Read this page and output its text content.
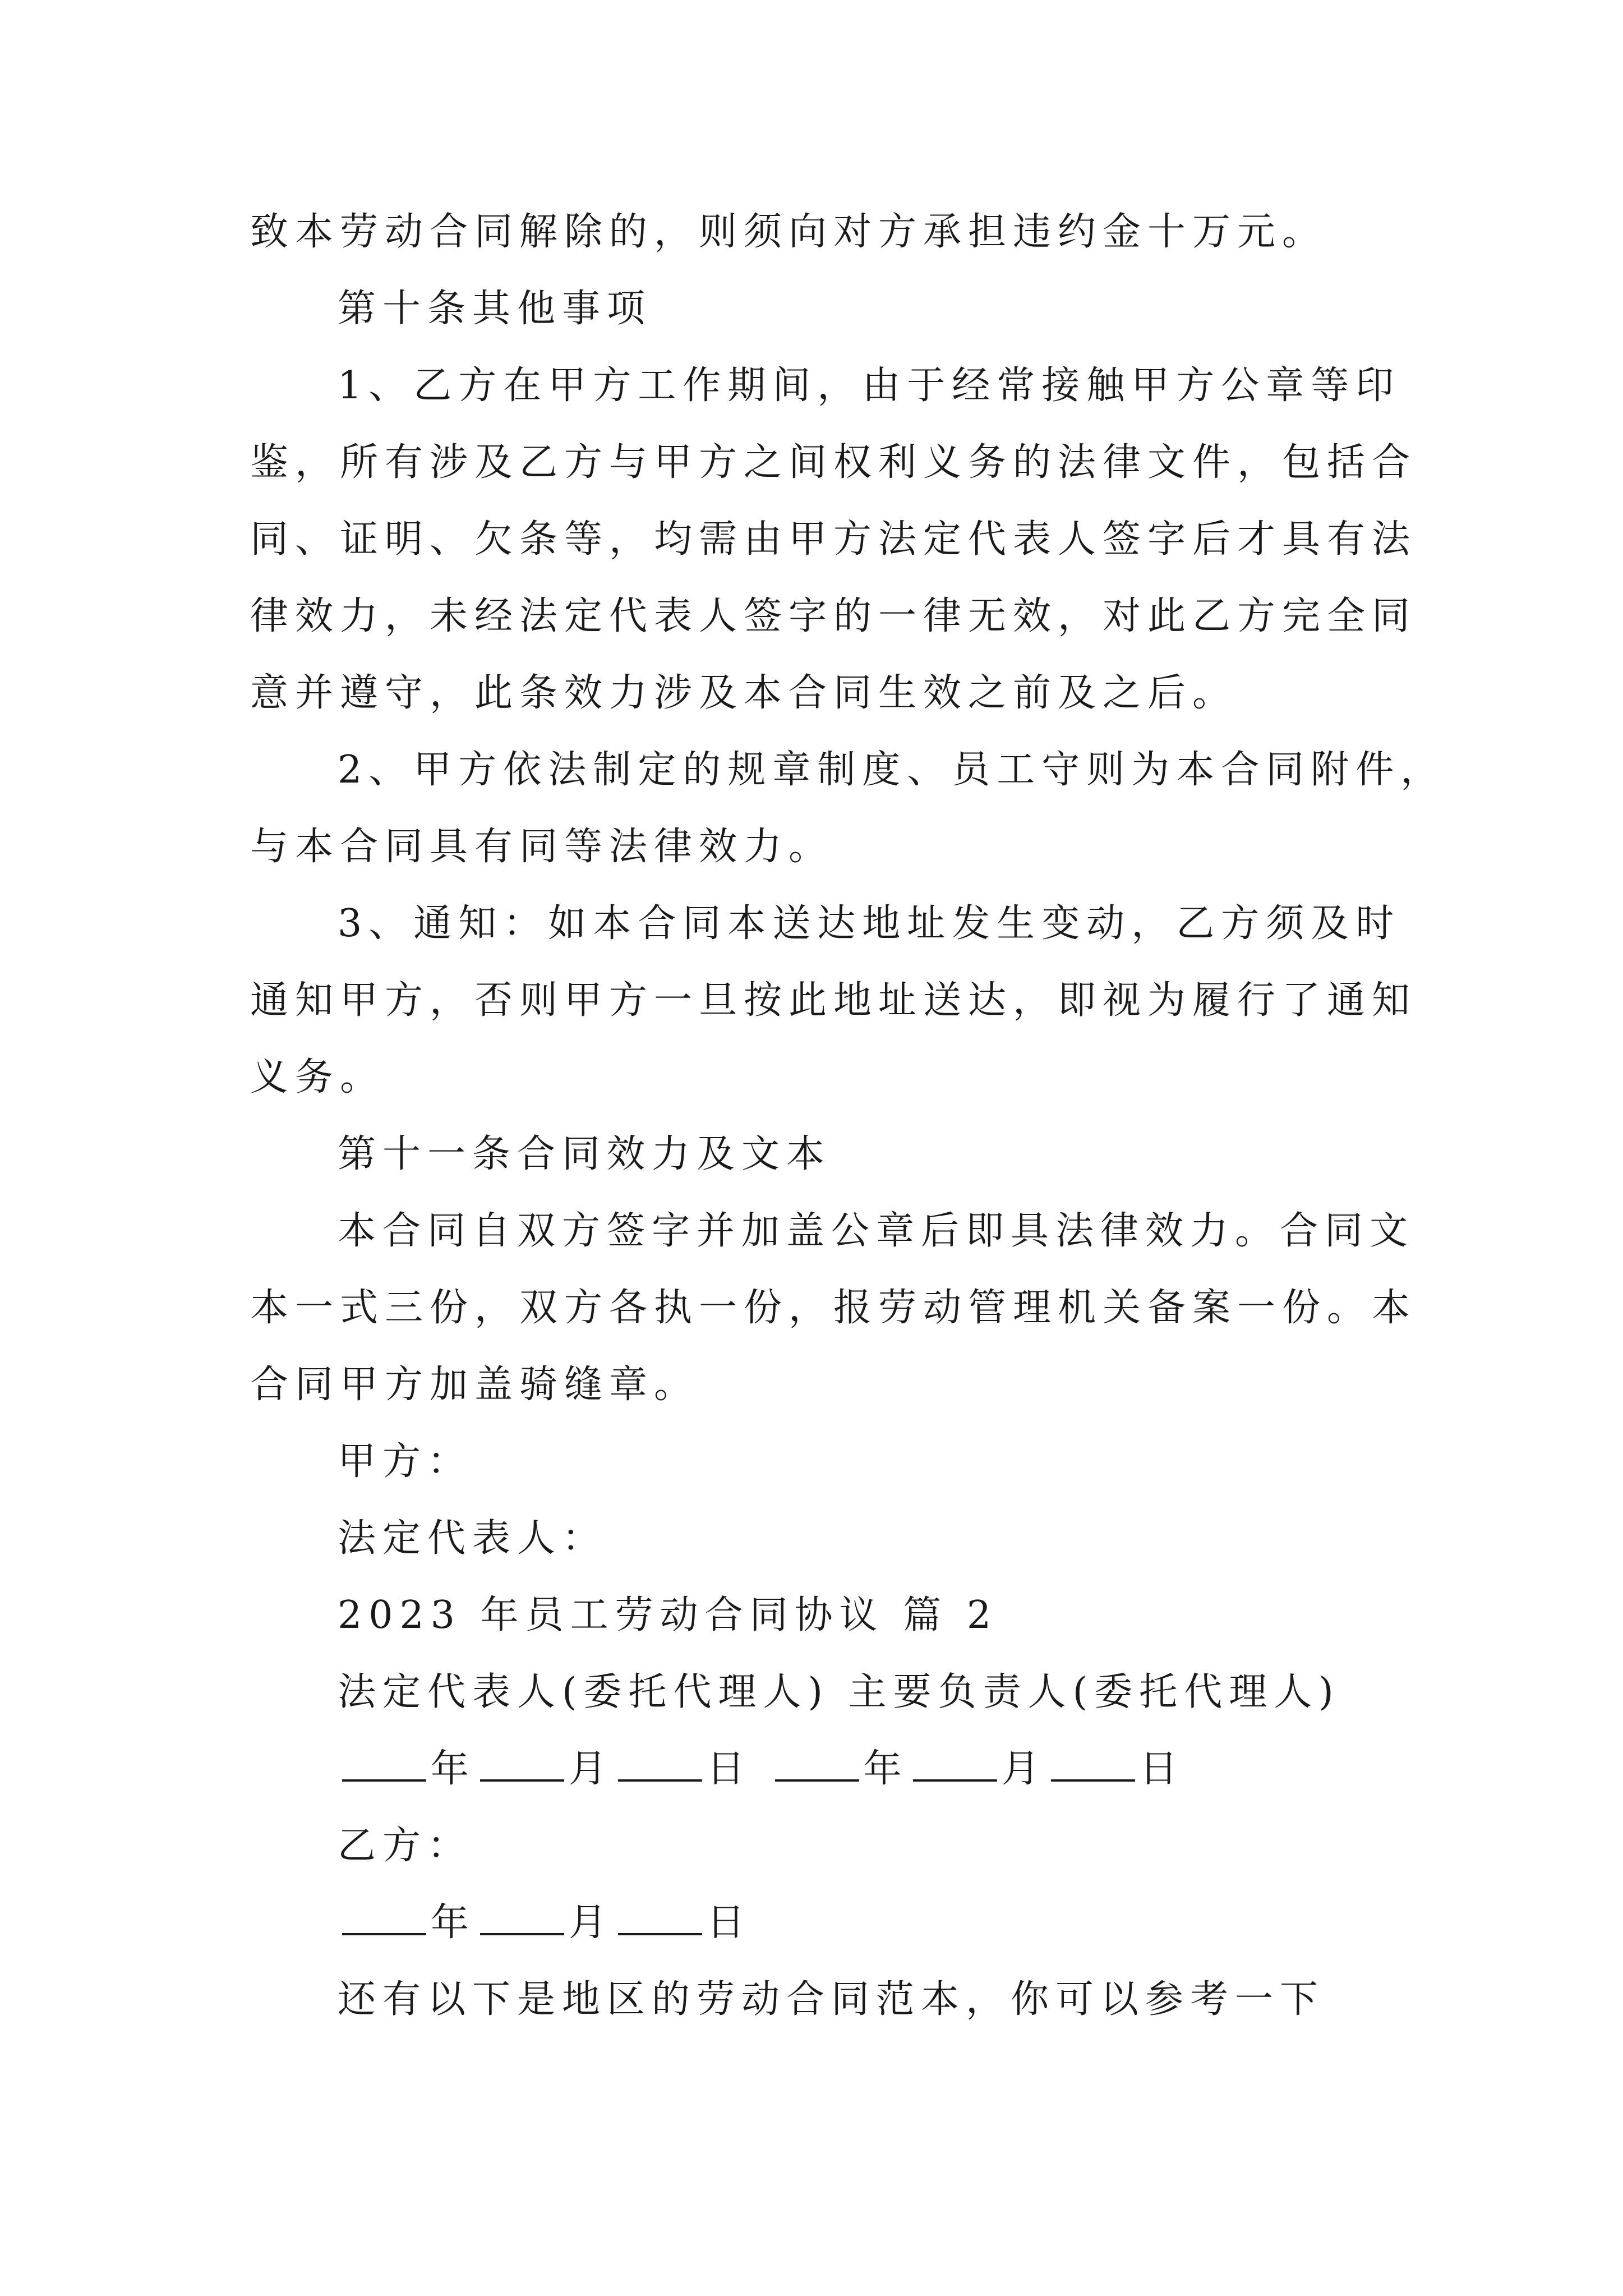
致本劳动合同解除的，则须向对方承担违约金十万元。
第十条其他事项
1、乙方在甲方工作期间，由于经常接触甲方公章等印
鉴，所有涉及乙方与甲方之间权利义务的法律文件，包括合
同、证明、欠条等，均需由甲方法定代表人签字后才具有法
律效力，未经法定代表人签字的一律无效，对此乙方完全同
意并遵守，此条效力涉及本合同生效之前及之后。
2、甲方依法制定的规章制度、员工守则为本合同附件，
与本合同具有同等法律效力。
3、通知：如本合同本送达地址发生变动，乙方须及时
通知甲方，否则甲方一旦按此地址送达，即视为履行了通知
义务。
第十一条合同效力及文本
本合同自双方签字并加盖公章后即具法律效力。合同文
本一式三份，双方各执一份，报劳动管理机关备案一份。本
合同甲方加盖骑缝章。
甲方：
法定代表人：
2023 年员工劳动合同协议 篇 2
法定代表人(委托代理人) 主要负责人(委托代理人)
年 月 日	年 月 日
乙方：
年 月 日
还有以下是地区的劳动合同范本，你可以参考一下
